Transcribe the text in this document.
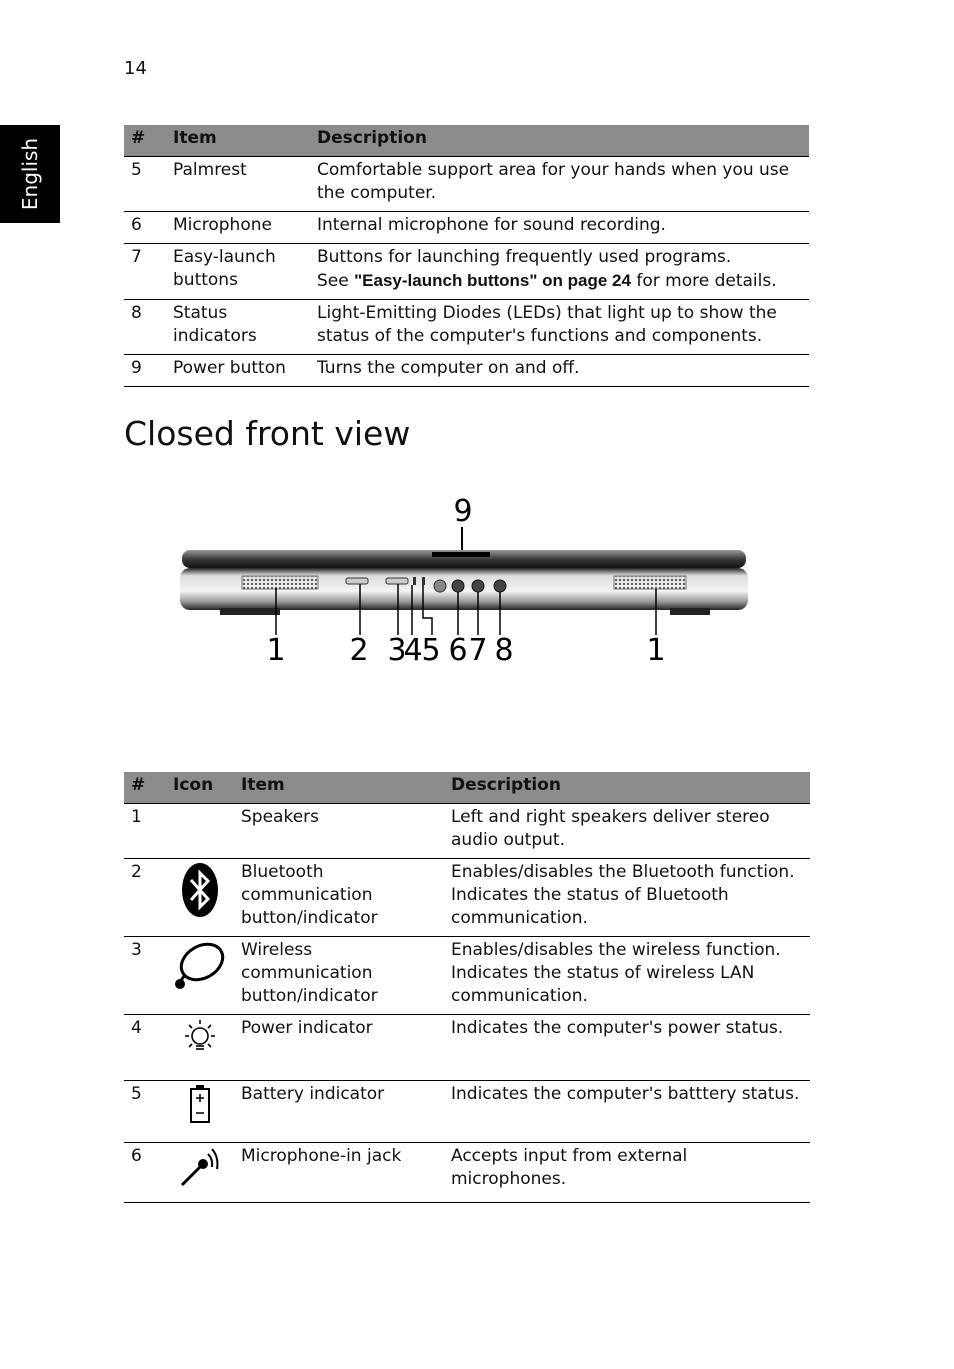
14
English	#	Item	Description
5	Palmrest	Comfortable support area for your hands when you use the computer.
6	Microphone	Internal microphone for sound recording.
7	Easy-launch buttons	Buttons for launching frequently used programs.
See "Easy-launch buttons" on page 24 for more details.

8	Status indicators	Light-Emitting Diodes (LEDs) that light up to show the status of the computer's functions and components.
9	Power button	Turns the computer on and off.
Closed front view
9
1 2 3
4
5 6 7 8	1
#	Icon	Item	Description
1		Speakers	Left and right speakers deliver stereo audio output.
2		Bluetooth communication button/indicator	Enables/disables the Bluetooth function. Indicates the status of Bluetooth communication.
3		Wireless communication button/indicator	Enables/disables the wireless function. Indicates the status of wireless LAN communication.
4		Power indicator	Indicates the computer's power status.
5		Battery indicator	Indicates the computer's batttery status.
6		Microphone-in jack	Accepts input from external microphones.
